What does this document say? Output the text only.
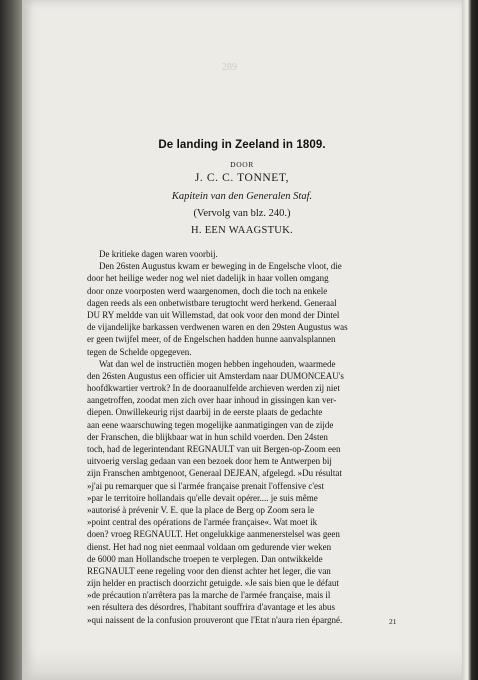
289
De landing in Zeeland in 1809.
DOOR
J. C. C. TONNET,
Kapitein van den Generalen Staf.
(Vervolg van blz. 240.)
H. EEN WAAGSTUK.
De kritieke dagen waren voorbij.
Den 26sten Augustus kwam er beweging in de Engelsche vloot, die
door het heilige weder nog wel niet dadelijk in haar vollen omgang
door onze voorposten werd waargenomen, doch die toch na enkele
dagen reeds als een onbetwistbare terugtocht werd herkend. Generaal
DU RY meldde van uit Willemstad, dat ook voor den mond der Dintel
de vijandelijke barkassen verdwenen waren en den 29sten Augustus was
er geen twijfel meer, of de Engelschen hadden hunne aanvalsplannen
tegen de Schelde opgegeven.
Wat dan wel de instructiën mogen hebben ingehouden, waarmede
den 26sten Augustus een officier uit Amsterdam naar DUMONCEAU's
hoofdkwartier vertrok? In de dooraanulfelde archieven werden zij niet
aangetroffen, zoodat men zich over haar inhoud in gissingen kan ver-
diepen. Onwillekeurig rijst daarbij in de eerste plaats de gedachte
aan eene waarschuwing tegen mogelijke aanmatigingen van de zijde
der Franschen, die blijkbaar wat in hun schild voerden. Den 24sten
toch, had de legerintendant REGNAULT van uit Bergen-op-Zoom een
uitvoerig verslag gedaan van een bezoek door hem te Antwerpen bij
zijn Franschen ambtgenoot, Generaal DEJEAN, afgelegd. »Du résultat
»j'ai pu remarquer que si l'armée française prenait l'offensive c'est
»par le territoire hollandais qu'elle devait opérer.... je suis même
»autorisé à prévenir V. E. que la place de Berg op Zoom sera le
»point central des opérations de l'armée française«. Wat moet ik
doen? vroeg REGNAULT. Het ongelukkige aanmenerstelsel was geen
dienst. Het had nog niet eenmaal voldaan om gedurende vier weken
de 6000 man Hollandsche troepen te verplegen. Dan ontwikkelde
REGNAULT eene regeling voor den dienst achter het leger, die van
zijn helder en practisch doorzicht getuigde. »Je sais bien que le défaut
»de précaution n'arrêtera pas la marche de l'armée française, mais il
»en résultera des désordres, l'habitant souffrira d'avantage et les abus
»qui naissent de la confusion prouveront que l'Etat n'aura rien épargné.	21
